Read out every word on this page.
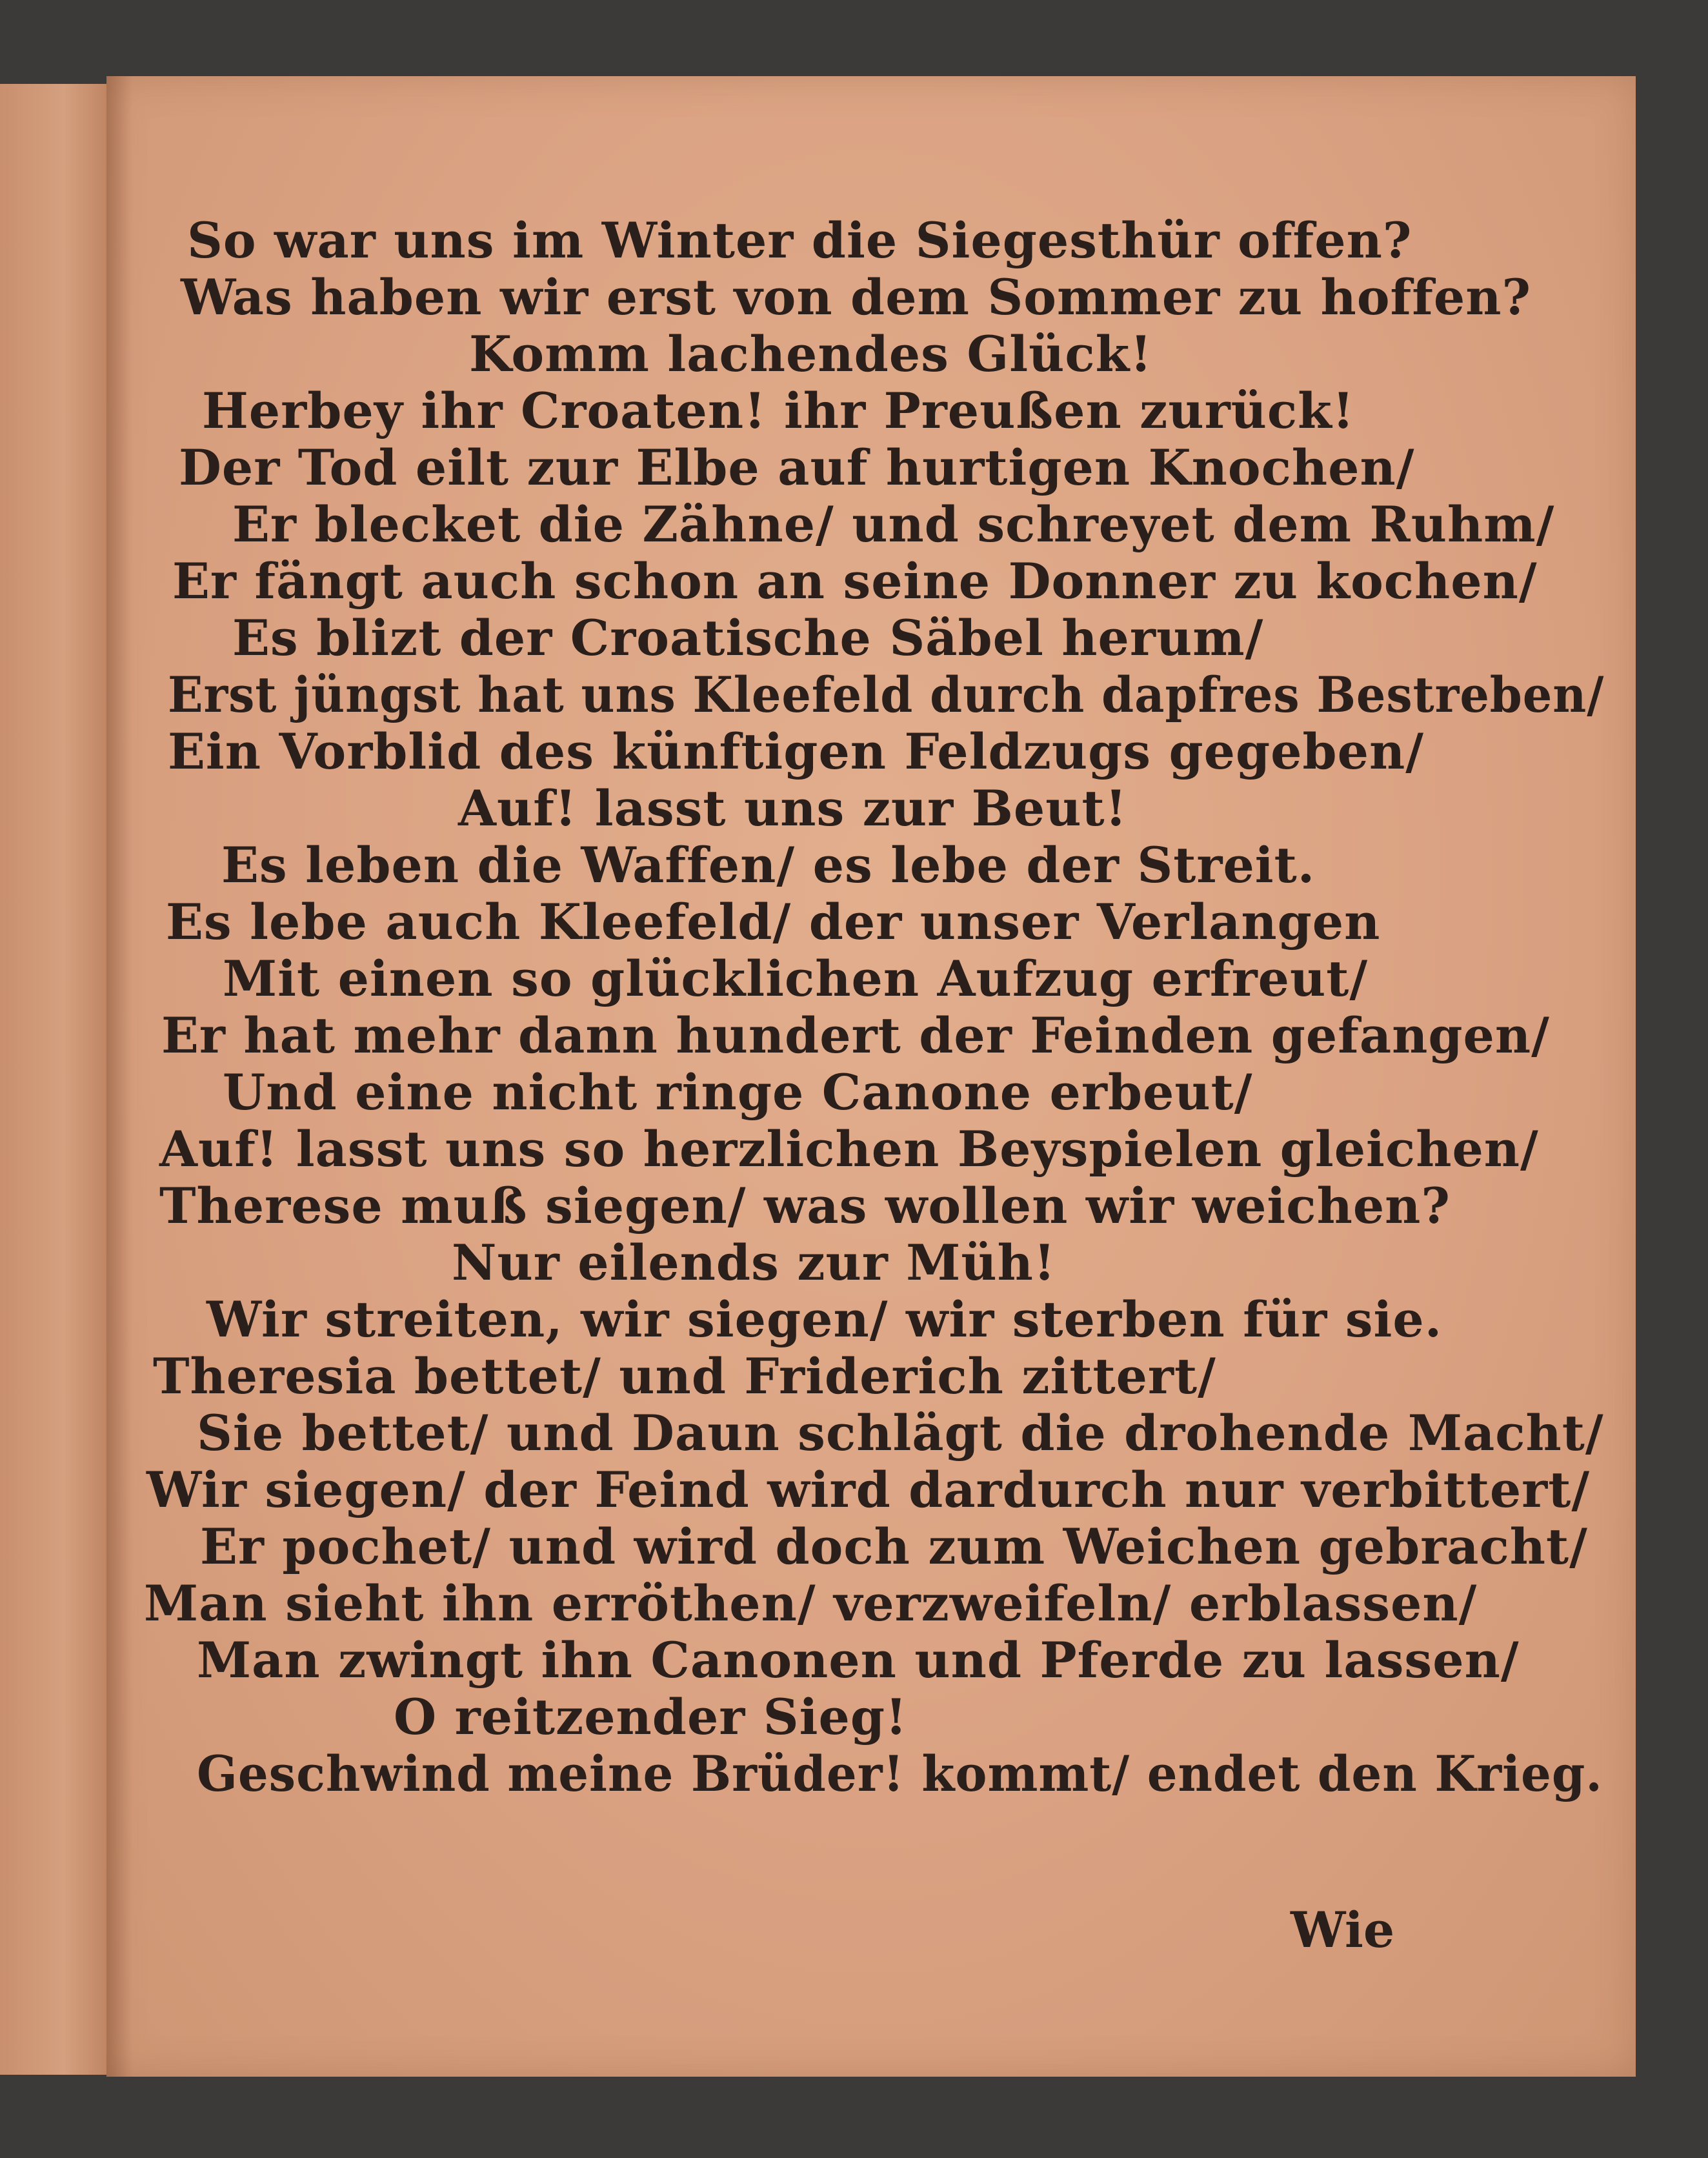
So war uns im Winter die Siegesthür offen?
Was haben wir erst von dem Sommer zu hoffen?
Komm lachendes Glück!
Herbey ihr Croaten! ihr Preußen zurück!
Der Tod eilt zur Elbe auf hurtigen Knochen/
Er blecket die Zähne/ und schreyet dem Ruhm/
Er fängt auch schon an seine Donner zu kochen/
Es blizt der Croatische Säbel herum/
Erst jüngst hat uns Kleefeld durch dapfres Bestreben/
Ein Vorblid des künftigen Feldzugs gegeben/
Auf! lasst uns zur Beut!
Es leben die Waffen/ es lebe der Streit.
Es lebe auch Kleefeld/ der unser Verlangen
Mit einen so glücklichen Aufzug erfreut/
Er hat mehr dann hundert der Feinden gefangen/
Und eine nicht ringe Canone erbeut/
Auf! lasst uns so herzlichen Beyspielen gleichen/
Therese muß siegen/ was wollen wir weichen?
Nur eilends zur Müh!
Wir streiten, wir siegen/ wir sterben für sie.
Theresia bettet/ und Friderich zittert/
Sie bettet/ und Daun schlägt die drohende Macht/
Wir siegen/ der Feind wird dardurch nur verbittert/
Er pochet/ und wird doch zum Weichen gebracht/
Man sieht ihn erröthen/ verzweifeln/ erblassen/
Man zwingt ihn Canonen und Pferde zu lassen/
O reitzender Sieg!
Geschwind meine Brüder! kommt/ endet den Krieg.
Wie
